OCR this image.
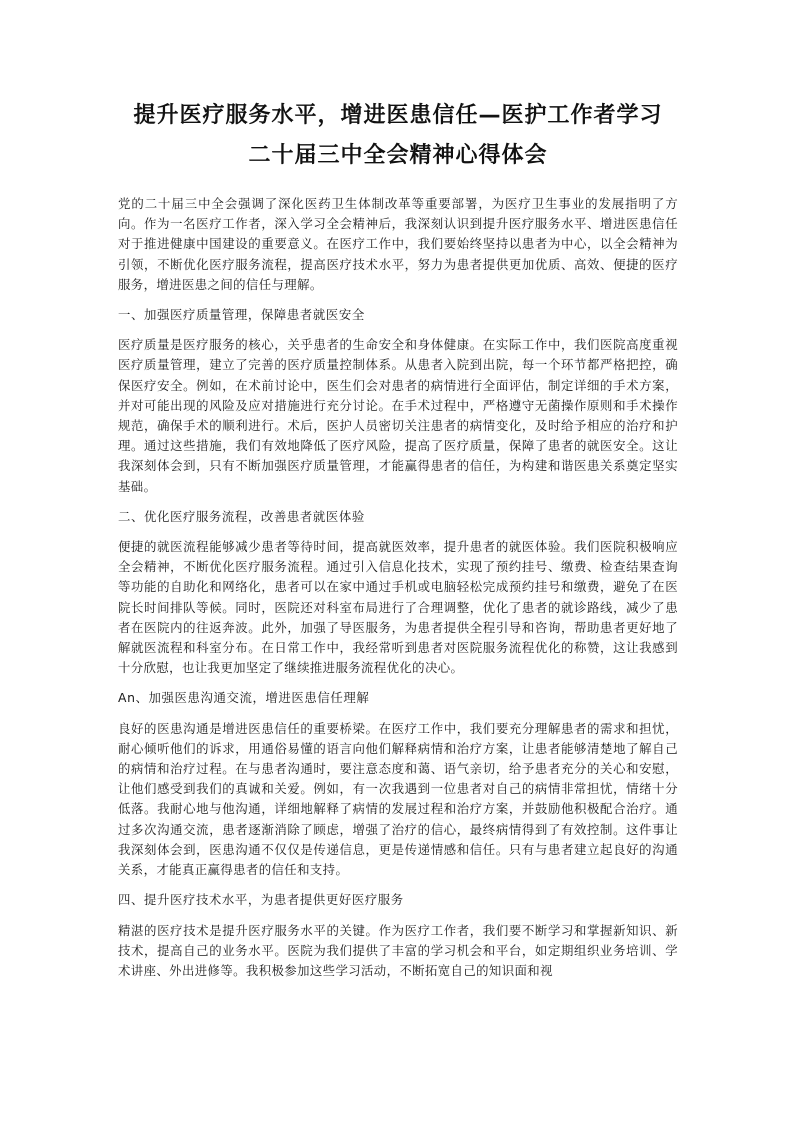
提升医疗服务水平，增进医患信任—医护工作者学习
二十届三中全会精神心得体会

党的二十届三中全会强调了深化医药卫生体制改革等重要部署，为医疗卫生事业的发展指明了方向。作为一名医疗工作者，深入学习全会精神后，我深刻认识到提升医疗服务水平、增进医患信任对于推进健康中国建设的重要意义。在医疗工作中，我们要始终坚持以患者为中心，以全会精神为引领，不断优化医疗服务流程，提高医疗技术水平，努力为患者提供更加优质、高效、便捷的医疗服务，增进医患之间的信任与理解。

一、加强医疗质量管理，保障患者就医安全

医疗质量是医疗服务的核心，关乎患者的生命安全和身体健康。在实际工作中，我们医院高度重视医疗质量管理，建立了完善的医疗质量控制体系。从患者入院到出院，每一个环节都严格把控，确保医疗安全。例如，在术前讨论中，医生们会对患者的病情进行全面评估，制定详细的手术方案，并对可能出现的风险及应对措施进行充分讨论。在手术过程中，严格遵守无菌操作原则和手术操作规范，确保手术的顺利进行。术后，医护人员密切关注患者的病情变化，及时给予相应的治疗和护理。通过这些措施，我们有效地降低了医疗风险，提高了医疗质量，保障了患者的就医安全。这让我深刻体会到，只有不断加强医疗质量管理，才能赢得患者的信任，为构建和谐医患关系奠定坚实基础。

二、优化医疗服务流程，改善患者就医体验

便捷的就医流程能够减少患者等待时间，提高就医效率，提升患者的就医体验。我们医院积极响应全会精神，不断优化医疗服务流程。通过引入信息化技术，实现了预约挂号、缴费、检查结果查询等功能的自助化和网络化，患者可以在家中通过手机或电脑轻松完成预约挂号和缴费，避免了在医院长时间排队等候。同时，医院还对科室布局进行了合理调整，优化了患者的就诊路线，减少了患者在医院内的往返奔波。此外，加强了导医服务，为患者提供全程引导和咨询，帮助患者更好地了解就医流程和科室分布。在日常工作中，我经常听到患者对医院服务流程优化的称赞，这让我感到十分欣慰，也让我更加坚定了继续推进服务流程优化的决心。

An、加强医患沟通交流，增进医患信任理解

良好的医患沟通是增进医患信任的重要桥梁。在医疗工作中，我们要充分理解患者的需求和担忧，耐心倾听他们的诉求，用通俗易懂的语言向他们解释病情和治疗方案，让患者能够清楚地了解自己的病情和治疗过程。在与患者沟通时，要注意态度和蔼、语气亲切，给予患者充分的关心和安慰，让他们感受到我们的真诚和关爱。例如，有一次我遇到一位患者对自己的病情非常担忧，情绪十分低落。我耐心地与他沟通，详细地解释了病情的发展过程和治疗方案，并鼓励他积极配合治疗。通过多次沟通交流，患者逐渐消除了顾虑，增强了治疗的信心，最终病情得到了有效控制。这件事让我深刻体会到，医患沟通不仅仅是传递信息，更是传递情感和信任。只有与患者建立起良好的沟通关系，才能真正赢得患者的信任和支持。

四、提升医疗技术水平，为患者提供更好医疗服务

精湛的医疗技术是提升医疗服务水平的关键。作为医疗工作者，我们要不断学习和掌握新知识、新技术，提高自己的业务水平。医院为我们提供了丰富的学习机会和平台，如定期组织业务培训、学术讲座、外出进修等。我积极参加这些学习活动，不断拓宽自己的知识面和视
